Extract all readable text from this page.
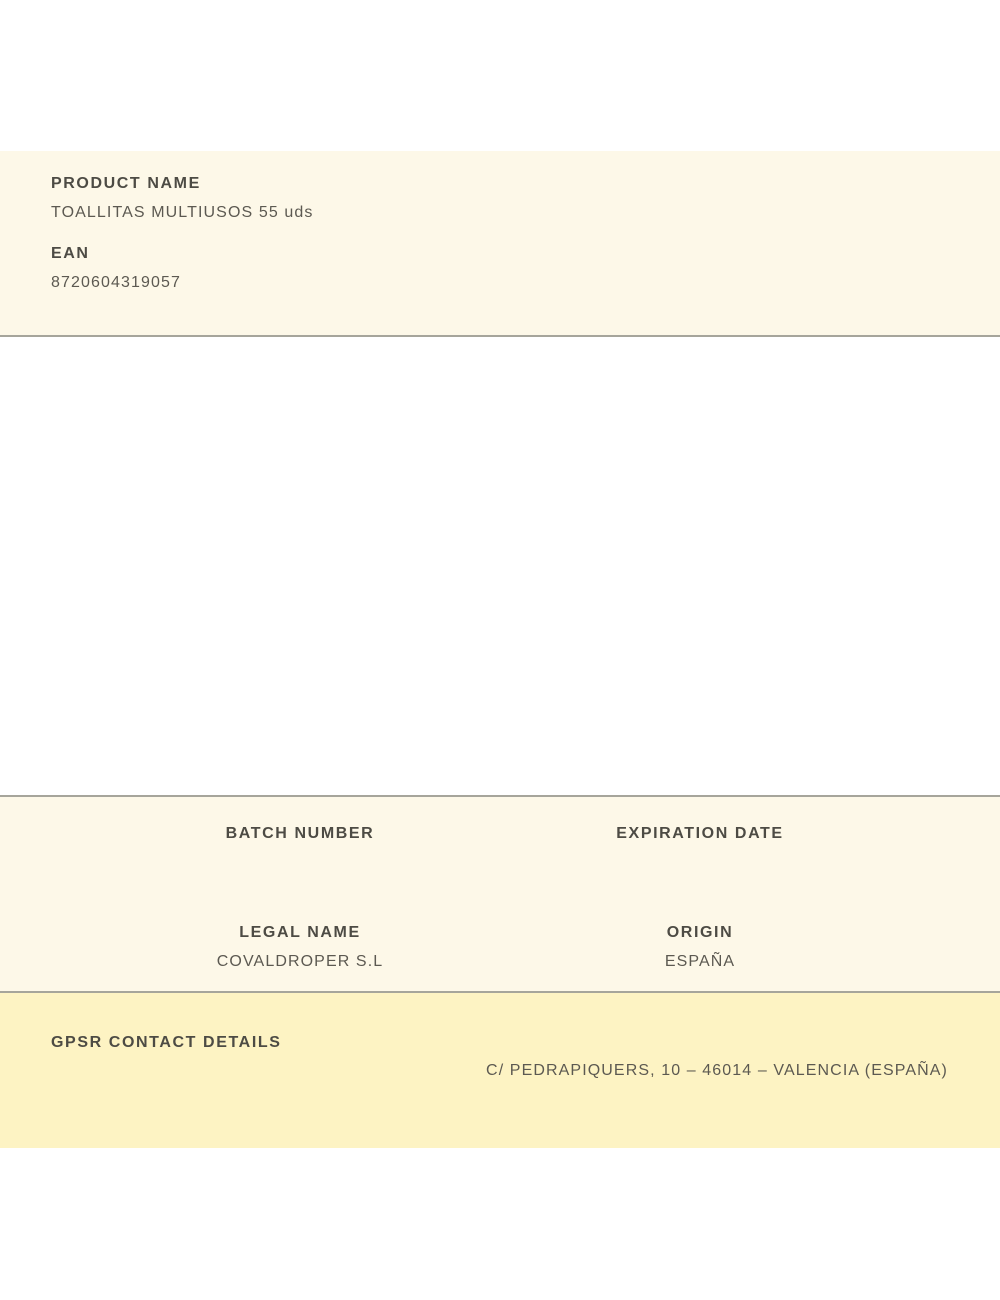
PRODUCT NAME
TOALLITAS MULTIUSOS 55 uds
EAN
8720604319057
BATCH NUMBER	EXPIRATION DATE
LEGAL NAME
COVALDROPER S.L
ORIGIN
ESPAÑA
GPSR CONTACT DETAILS
C/ PEDRAPIQUERS, 10 – 46014 – VALENCIA (ESPAÑA)
